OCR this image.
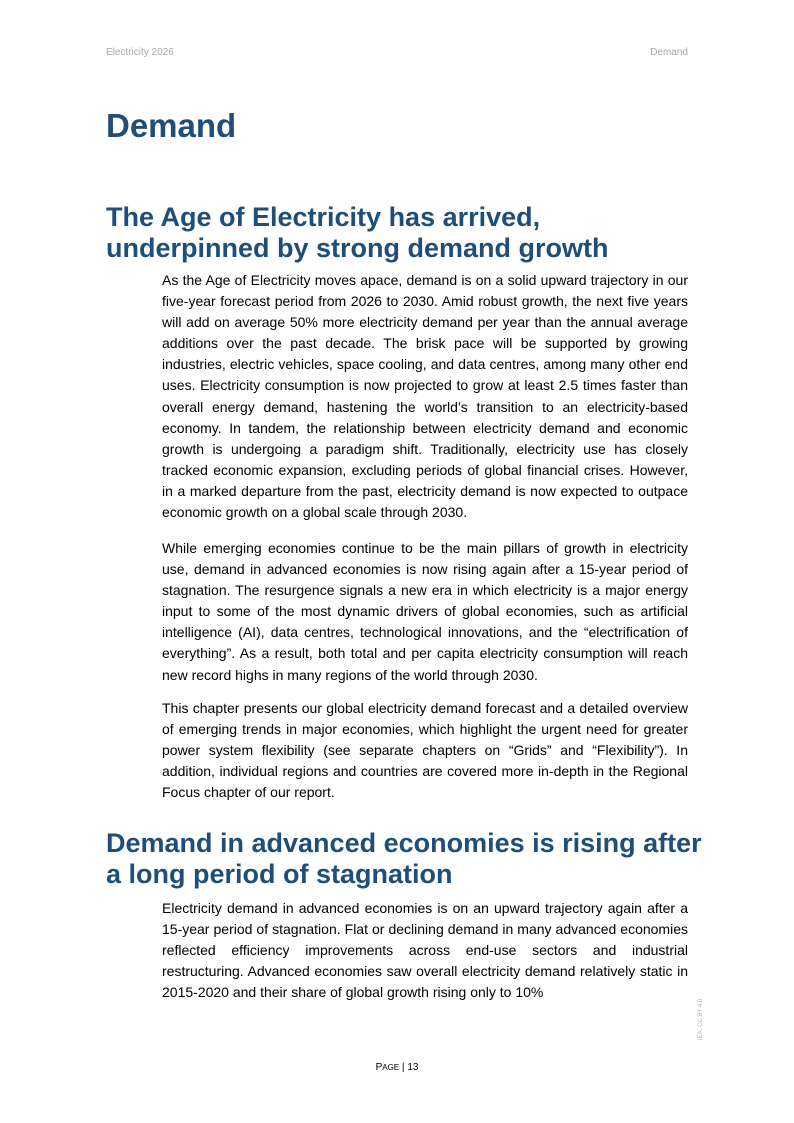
Electricity 2026	Demand
Demand
The Age of Electricity has arrived, underpinned by strong demand growth

As the Age of Electricity moves apace, demand is on a solid upward trajectory in our five-year forecast period from 2026 to 2030. Amid robust growth, the next five years will add on average 50% more electricity demand per year than the annual average additions over the past decade. The brisk pace will be supported by growing industries, electric vehicles, space cooling, and data centres, among many other end uses. Electricity consumption is now projected to grow at least 2.5 times faster than overall energy demand, hastening the world’s transition to an electricity-based economy. In tandem, the relationship between electricity demand and economic growth is undergoing a paradigm shift. Traditionally, electricity use has closely tracked economic expansion, excluding periods of global financial crises. However, in a marked departure from the past, electricity demand is now expected to outpace economic growth on a global scale through 2030.

While emerging economies continue to be the main pillars of growth in electricity use, demand in advanced economies is now rising again after a 15-year period of stagnation. The resurgence signals a new era in which electricity is a major energy input to some of the most dynamic drivers of global economies, such as artificial intelligence (AI), data centres, technological innovations, and the “electrification of everything”. As a result, both total and per capita electricity consumption will reach new record highs in many regions of the world through 2030.

This chapter presents our global electricity demand forecast and a detailed overview of emerging trends in major economies, which highlight the urgent need for greater power system flexibility (see separate chapters on “Grids” and “Flexibility”). In addition, individual regions and countries are covered more in-depth in the Regional Focus chapter of our report.

Demand in advanced economies is rising after a long period of stagnation

Electricity demand in advanced economies is on an upward trajectory again after a 15-year period of stagnation. Flat or declining demand in many advanced economies reflected efficiency improvements across end-use sectors and industrial restructuring. Advanced economies saw overall electricity demand relatively static in 2015-2020 and their share of global growth rising only to 10%

PAGE | 13
IEA. CC BY 4.0.
